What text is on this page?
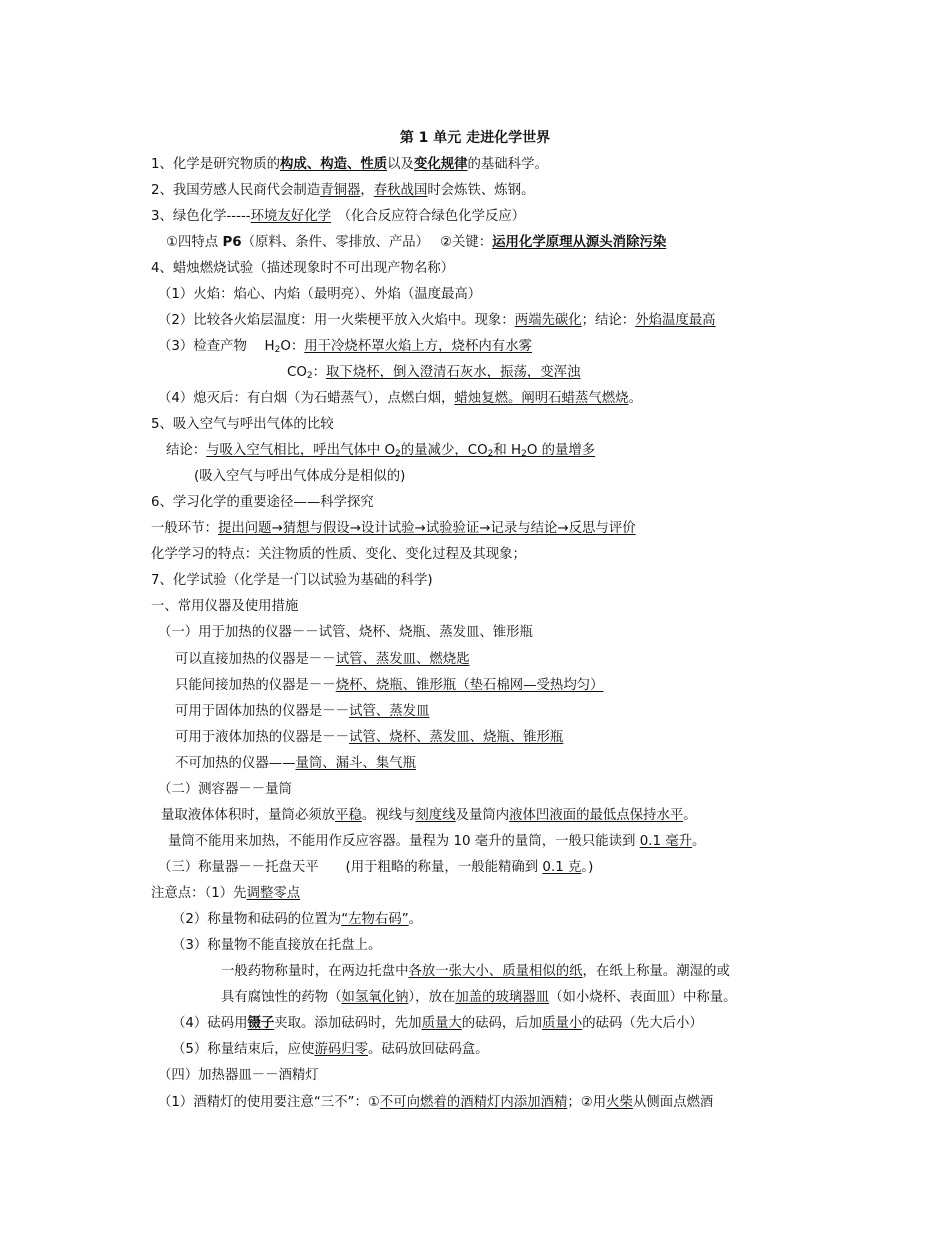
第 1 单元 走进化学世界
1、化学是研究物质的构成、构造、性质以及变化规律的基础科学。
2、我国劳感人民商代会制造青铜器，春秋战国时会炼铁、炼钢。
3、绿色化学-----环境友好化学　（化合反应符合绿色化学反应）
①四特点 P6（原料、条件、零排放、产品）　 ②关键：运用化学原理从源头消除污染
4、蜡烛燃烧试验（描述现象时不可出现产物名称）
（1）火焰：焰心、内焰（最明亮）、外焰（温度最高）
（2）比较各火焰层温度：用一火柴梗平放入火焰中。现象：两端先碳化；结论：外焰温度最高
（3）检查产物　 $H_2O$：用干冷烧杯罩火焰上方，烧杯内有水雾
$CO_2$：取下烧杯，倒入澄清石灰水，振荡，变浑浊
（4）熄灭后：有白烟（为石蜡蒸气），点燃白烟，蜡烛复燃。阐明石蜡蒸气燃烧。
5、吸入空气与呼出气体的比较
结论：与吸入空气相比，呼出气体中 $O_2$的量减少，$CO_2$和 $H_2O$ 的量增多
(吸入空气与呼出气体成分是相似的)
6、学习化学的重要途径——科学探究
一般环节：提出问题→猜想与假设→设计试验→试验验证→记录与结论→反思与评价
化学学习的特点：关注物质的性质、变化、变化过程及其现象；
7、化学试验（化学是一门以试验为基础的科学)
一、常用仪器及使用措施
（一）用于加热的仪器－－试管、烧杯、烧瓶、蒸发皿、锥形瓶
可以直接加热的仪器是－－试管、蒸发皿、燃烧匙
只能间接加热的仪器是－－烧杯、烧瓶、锥形瓶（垫石棉网—受热均匀）
可用于固体加热的仪器是－－试管、蒸发皿
可用于液体加热的仪器是－－试管、烧杯、蒸发皿、烧瓶、锥形瓶
不可加热的仪器——量筒、漏斗、集气瓶
（二）测容器－－量筒
量取液体体积时，量筒必须放平稳。视线与刻度线及量筒内液体凹液面的最低点保持水平。
量筒不能用来加热，不能用作反应容器。量程为 10 毫升的量筒，一般只能读到 0.1 毫升。
（三）称量器－－托盘天平　　(用于粗略的称量，一般能精确到 0.1 克。)
注意点：（1）先调整零点
（2）称量物和砝码的位置为“左物右码”。
（3）称量物不能直接放在托盘上。
一般药物称量时，在两边托盘中各放一张大小、质量相似的纸，在纸上称量。潮湿的或
具有腐蚀性的药物（如氢氧化钠），放在加盖的玻璃器皿（如小烧杯、表面皿）中称量。
（4）砝码用镊子夹取。添加砝码时，先加质量大的砝码，后加质量小的砝码（先大后小）
（5）称量结束后，应使游码归零。砝码放回砝码盒。
（四）加热器皿－－酒精灯
（1）酒精灯的使用要注意“三不”：①不可向燃着的酒精灯内添加酒精；②用火柴从侧面点燃酒
